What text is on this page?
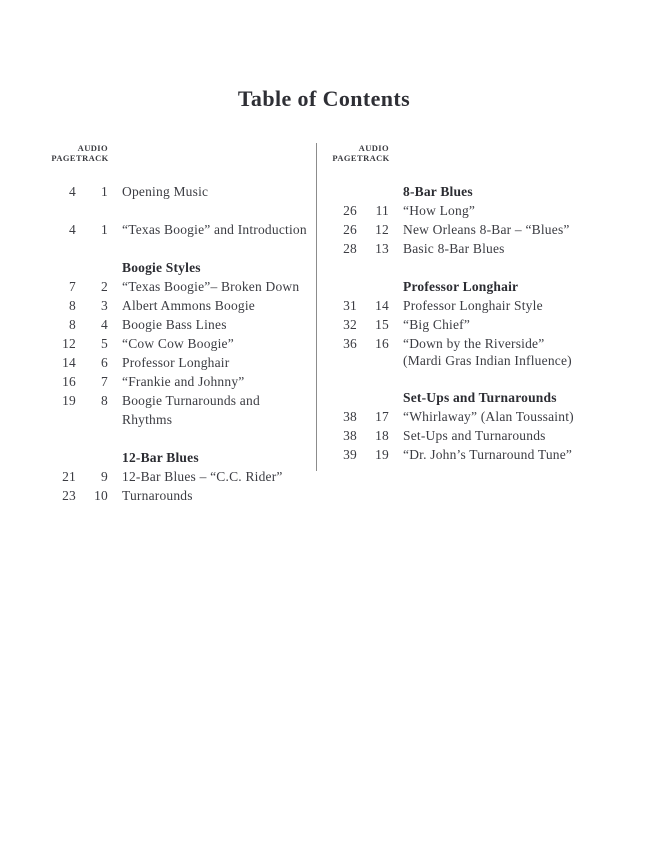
Table of Contents
PAGE
AUDIO
TRACK
4	1 Opening Music
4	1 “Texas Boogie” and Introduction
Boogie Styles
7	2 “Texas Boogie”– Broken Down
8	3 Albert Ammons Boogie
8	4 Boogie Bass Lines
12	5 “Cow Cow Boogie”
14	6 Professor Longhair
16	7 “Frankie and Johnny”
19	8 Boogie Turnarounds and Rhythms
12-Bar Blues
21	9 12-Bar Blues – “C.C. Rider”
23	10 Turnarounds
PAGE
AUDIO
TRACK
8-Bar Blues
26	11 “How Long”
26	12 New Orleans 8-Bar – “Blues”
28	13 Basic 8-Bar Blues
Professor Longhair
31	14 Professor Longhair Style
32	15 “Big Chief”
36	16 “Down by the Riverside”
(Mardi Gras Indian Influence)
Set-Ups and Turnarounds
38	17 “Whirlaway” (Alan Toussaint)
38	18 Set-Ups and Turnarounds
39	19 “Dr. John’s Turnaround Tune”
